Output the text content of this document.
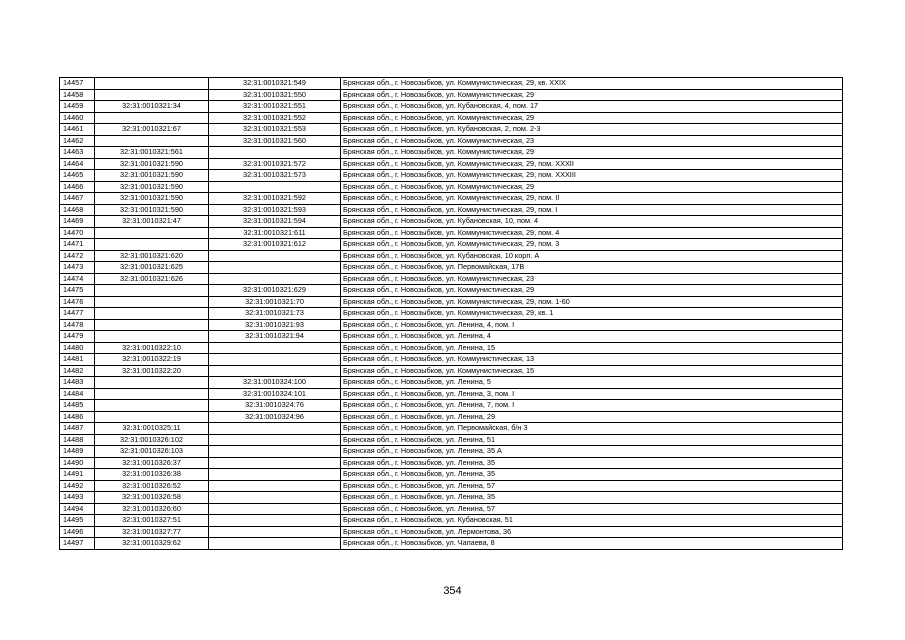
14457		32:31:0010321:549	Брянская обл., г. Новозыбков, ул. Коммунистическая, 29, кв. XXIX
14458		32:31:0010321:550	Брянская обл., г. Новозыбков, ул. Коммунистическая, 29
14459	32:31:0010321:34	32:31:0010321:551	Брянская обл., г. Новозыбков, ул. Кубановская, 4, пом. 17
14460		32:31:0010321:552	Брянская обл., г. Новозыбков, ул. Коммунистическая, 29
14461	32:31:0010321:67	32:31:0010321:553	Брянская обл., г. Новозыбков, ул. Кубановская, 2, пом. 2-3
14462		32:31:0010321:560	Брянская обл., г. Новозыбков, ул. Коммунистическая, 23
14463	32:31:0010321:561		Брянская обл., г. Новозыбков, ул. Коммунистическая, 29
14464	32:31:0010321:590	32:31:0010321:572	Брянская обл., г. Новозыбков, ул. Коммунистическая, 29, пом. XXXII
14465	32:31:0010321:590	32:31:0010321:573	Брянская обл., г. Новозыбков, ул. Коммунистическая, 29, пом. XXXIII
14466	32:31:0010321:590		Брянская обл., г. Новозыбков, ул. Коммунистическая, 29
14467	32:31:0010321:590	32:31:0010321:592	Брянская обл., г. Новозыбков, ул. Коммунистическая, 29, пом. II
14468	32:31:0010321:590	32:31:0010321:593	Брянская обл., г. Новозыбков, ул. Коммунистическая, 29, пом. I
14469	32:31:0010321:47	32:31:0010321:594	Брянская обл., г. Новозыбков, ул. Кубановская, 10, пом. 4
14470		32:31:0010321:611	Брянская обл., г. Новозыбков, ул. Коммунистическая, 29, пом. 4
14471		32:31:0010321:612	Брянская обл., г. Новозыбков, ул. Коммунистическая, 29, пом. 3
14472	32:31:0010321:620		Брянская обл., г. Новозыбков, ул. Кубановская, 10 корп. А
14473	32:31:0010321:625		Брянская обл., г. Новозыбков, ул. Первомайская, 17В
14474	32:31:0010321:626		Брянская обл., г. Новозыбков, ул. Коммунистическая, 23
14475		32:31:0010321:629	Брянская обл., г. Новозыбков, ул. Коммунистическая, 29
14476		32:31:0010321:70	Брянская обл., г. Новозыбков, ул. Коммунистическая, 29, пом. 1-60
14477		32:31:0010321:73	Брянская обл., г. Новозыбков, ул. Коммунистическая, 29, кв. 1
14478		32:31:0010321:93	Брянская обл., г. Новозыбков, ул. Ленина, 4, пом. I
14479		32:31:0010321:94	Брянская обл., г. Новозыбков, ул. Ленина, 4
14480	32:31:0010322:10		Брянская обл., г. Новозыбков, ул. Ленина, 15
14481	32:31:0010322:19		Брянская обл., г. Новозыбков, ул. Коммунистическая, 13
14482	32:31:0010322:20		Брянская обл., г. Новозыбков, ул. Коммунистическая, 15
14483		32:31:0010324:100	Брянская обл., г. Новозыбков, ул. Ленина, 5
14484		32:31:0010324:101	Брянская обл., г. Новозыбков, ул. Ленина, 3, пом. I
14485		32:31:0010324:76	Брянская обл., г. Новозыбков, ул. Ленина, 7, пом. I
14486		32:31:0010324:96	Брянская обл., г. Новозыбков, ул. Ленина, 29
14487	32:31:0010325:11		Брянская обл., г. Новозыбков, ул. Первомайская, б/н 3
14488	32:31:0010326:102		Брянская обл., г. Новозыбков, ул. Ленина, 51
14489	32:31:0010326:103		Брянская обл., г. Новозыбков, ул. Ленина, 35 А
14490	32:31:0010326:37		Брянская обл., г. Новозыбков, ул. Ленина, 35
14491	32:31:0010326:38		Брянская обл., г. Новозыбков, ул. Ленина, 35
14492	32:31:0010326:52		Брянская обл., г. Новозыбков, ул. Ленина, 57
14493	32:31:0010326:58		Брянская обл., г. Новозыбков, ул. Ленина, 35
14494	32:31:0010326:60		Брянская обл., г. Новозыбков, ул. Ленина, 57
14495	32:31:0010327:51		Брянская обл., г. Новозыбков, ул. Кубановская, 51
14496	32:31:0010327:77		Брянская обл., г. Новозыбков, ул. Лермонтова, 36
14497	32:31:0010329:62		Брянская обл., г. Новозыбков, ул. Чапаева, 8
354
